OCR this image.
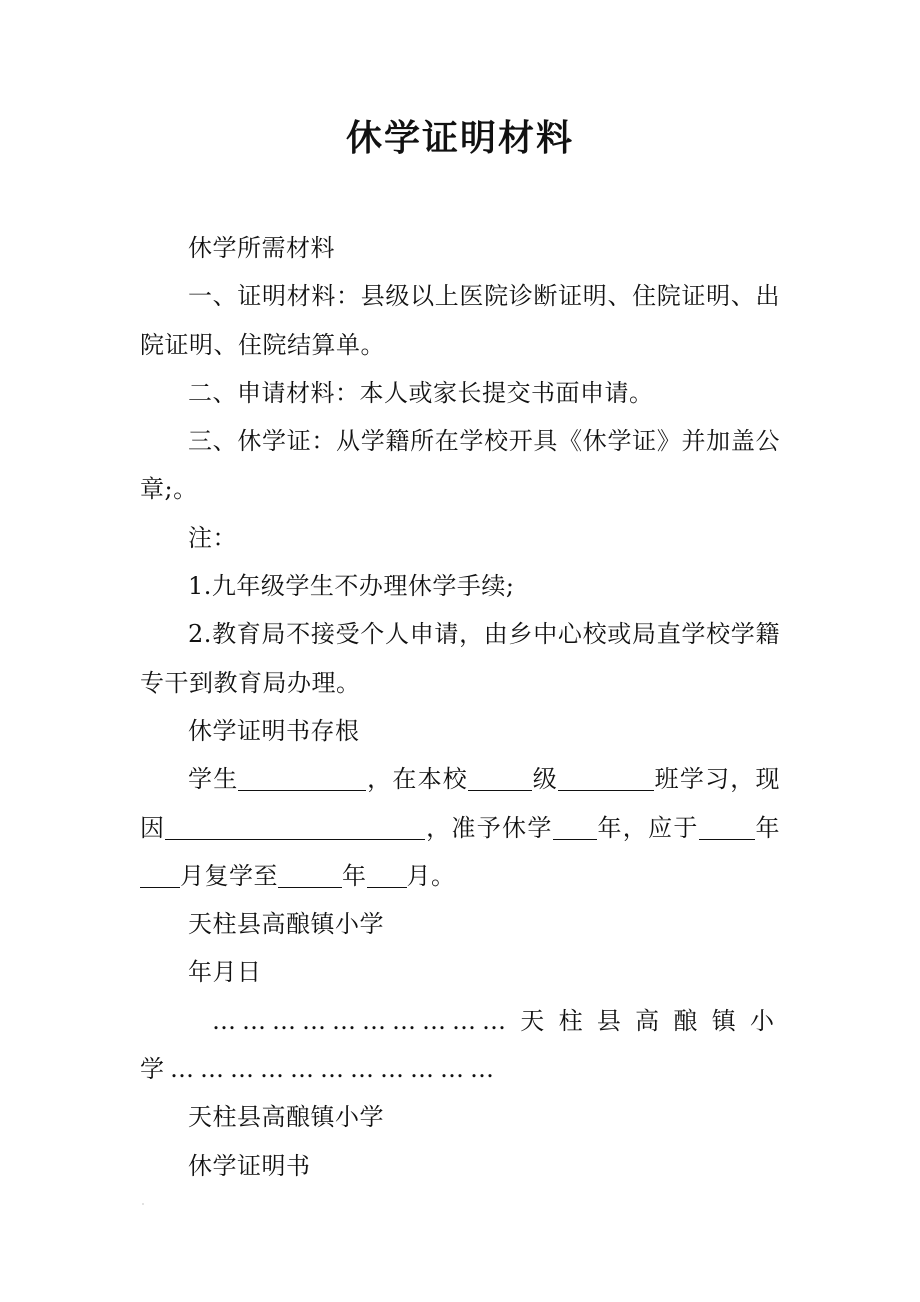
休学证明材料

休学所需材料

一、证明材料：县级以上医院诊断证明、住院证明、出院证明、住院结算单。

二、申请材料：本人或家长提交书面申请。

三、休学证：从学籍所在学校开具《休学证》并加盖公章;。

注：

1.九年级学生不办理休学手续;

2.教育局不接受个人申请，由乡中心校或局直学校学籍专干到教育局办理。

休学证明书存根

学生	，在本校	级	班学习，现因	，准予休学 年，应于 年月复学至	年 月。

天柱县高酿镇小学

年月日

…………………………天柱县高酿镇小学……………………………

天柱县高酿镇小学

休学证明书
